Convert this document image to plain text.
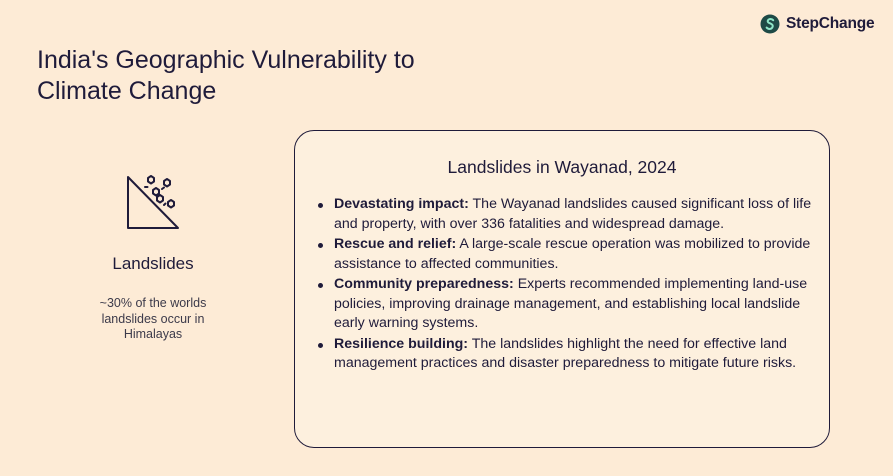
StepChange
India's Geographic Vulnerability to
Climate Change
Landslides
~30% of the worlds landslides occur in Himalayas
Landslides in Wayanad, 2024
Devastating impact: The Wayanad landslides caused significant loss of life and property, with over 336 fatalities and widespread damage.
Rescue and relief: A large-scale rescue operation was mobilized to provide assistance to affected communities.
Community preparedness: Experts recommended implementing land-use policies, improving drainage management, and establishing local landslide early warning systems.
Resilience building: The landslides highlight the need for effective land management practices and disaster preparedness to mitigate future risks.
